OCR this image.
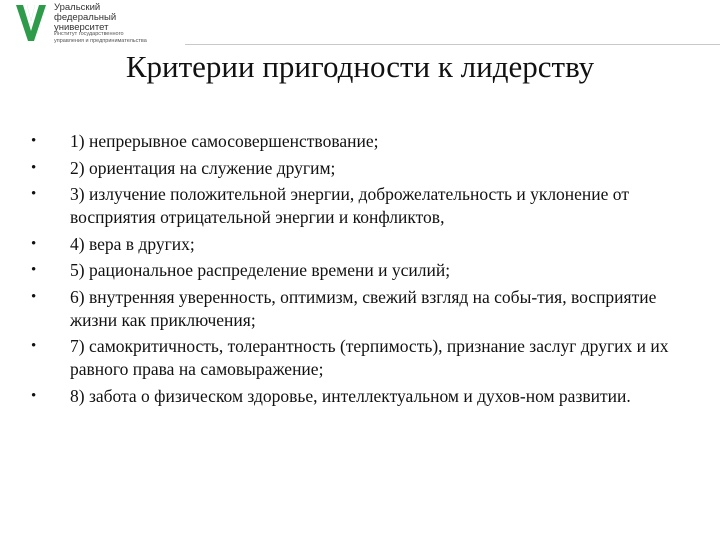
Уральский
федеральный
университет
Институт государственного
управления и предпринимательства
Критерии пригодности к лидерству
• 1) непрерывное самосовершенствование;
• 2) ориентация на служение другим;
• 3) излучение положительной энергии, доброжелательность и уклонение от восприятия отрицательной энергии и конфликтов,
• 4) вера в других;
• 5) рациональное распределение времени и усилий;
• 6) внутренняя уверенность, оптимизм, свежий взгляд на собы-тия, восприятие жизни как приключения;
• 7) самокритичность, толерантность (терпимость), признание заслуг других и их равного права на самовыражение;
• 8) забота о физическом здоровье, интеллектуальном и духов-ном развитии.
